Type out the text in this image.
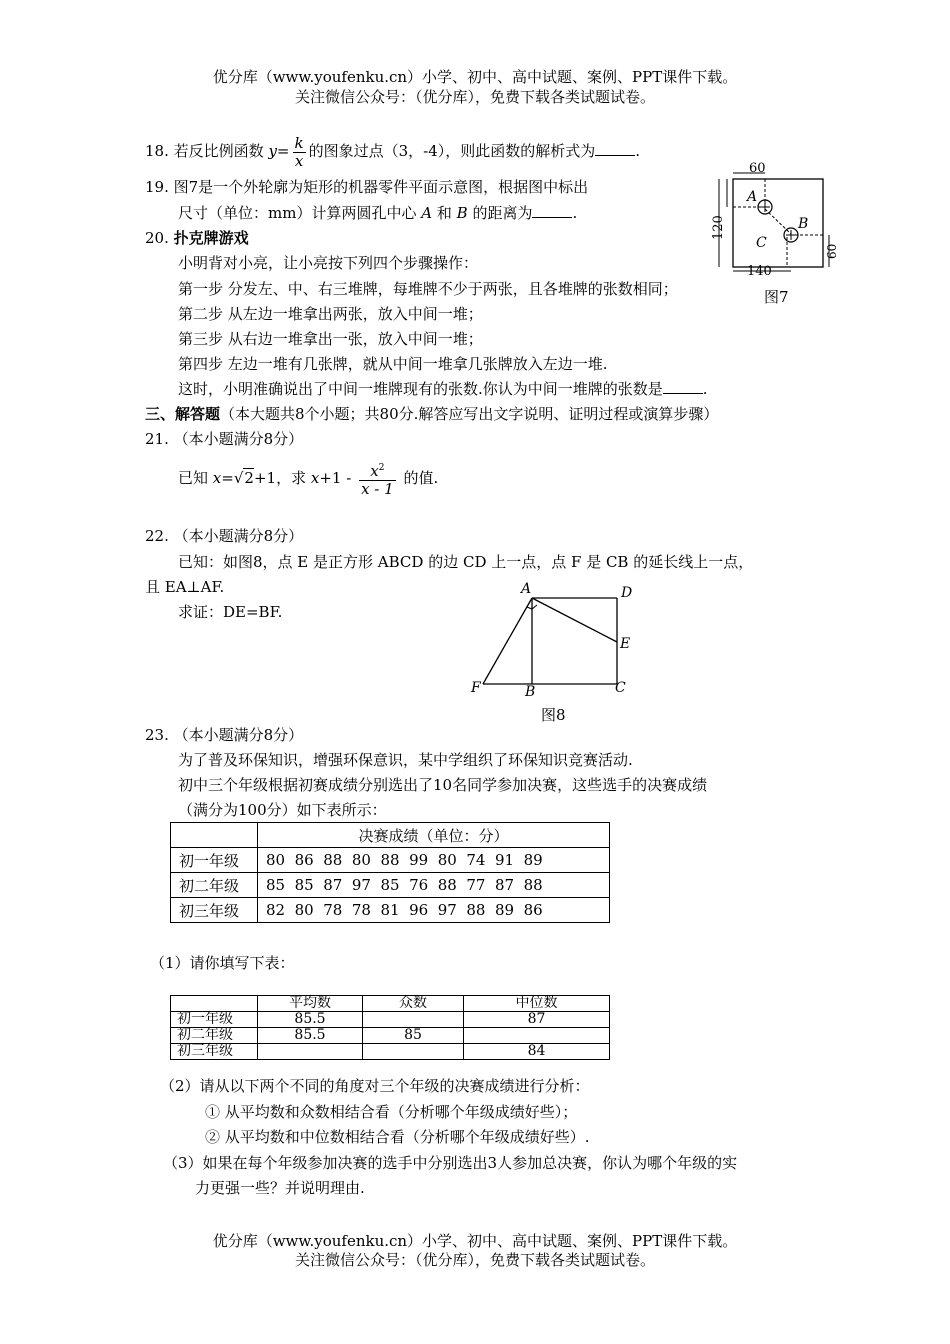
优分库（www.youfenku.cn）小学、初中、高中试题、案例、PPT课件下载。
关注微信公众号：（优分库），免费下载各类试题试卷。
18. 若反比例函数 $y= \frac{k}{x}$ 的图象过点（3，-4），则此函数的解析式为	.
19. 图7是一个外轮廓为矩形的机器零件平面示意图，根据图中标出
尺寸（单位：mm）计算两圆孔中心 A 和 B 的距离为	.
60
120
60
140
A
B
C
图7
20. 扑克牌游戏
小明背对小亮，让小亮按下列四个步骤操作：
第一步 分发左、中、右三堆牌，每堆牌不少于两张，且各堆牌的张数相同；
第二步 从左边一堆拿出两张，放入中间一堆；
第三步 从右边一堆拿出一张，放入中间一堆；
第四步 左边一堆有几张牌，就从中间一堆拿几张牌放入左边一堆.
这时，小明准确说出了中间一堆牌现有的张数.你认为中间一堆牌的张数是	.
三、解答题（本大题共8个小题；共80分.解答应写出文字说明、证明过程或演算步骤）
21. （本小题满分8分）
已知 x=√2+1，求 $x+1 - \frac{x^2}{x - 1}$ 的值.
22. （本小题满分8分）
已知：如图8，点 E 是正方形 ABCD 的边 CD 上一点，点 F 是 CB 的延长线上一点，
且 EA⊥AF.
求证：DE=BF.
A	D
E
F	B	C
图8
23. （本小题满分8分）
为了普及环保知识，增强环保意识，某中学组织了环保知识竞赛活动.
初中三个年级根据初赛成绩分别选出了10名同学参加决赛，这些选手的决赛成绩
（满分为100分）如下表所示：
	决赛成绩（单位：分）
初一年级	80  86  88  80  88  99  80  74  91  89
初二年级	85  85  87  97  85  76  88  77  87  88
初三年级	82  80  78  78  81  96  97  88  89  86
（1）请你填写下表：
	平均数	众数	中位数
初一年级	85.5		87
初二年级	85.5	85	
初三年级			84
（2）请从以下两个不同的角度对三个年级的决赛成绩进行分析：
① 从平均数和众数相结合看（分析哪个年级成绩好些）；
② 从平均数和中位数相结合看（分析哪个年级成绩好些）.
（3）如果在每个年级参加决赛的选手中分别选出3人参加总决赛，你认为哪个年级的实
力更强一些？并说明理由.
优分库（www.youfenku.cn）小学、初中、高中试题、案例、PPT课件下载。
关注微信公众号：（优分库），免费下载各类试题试卷。
